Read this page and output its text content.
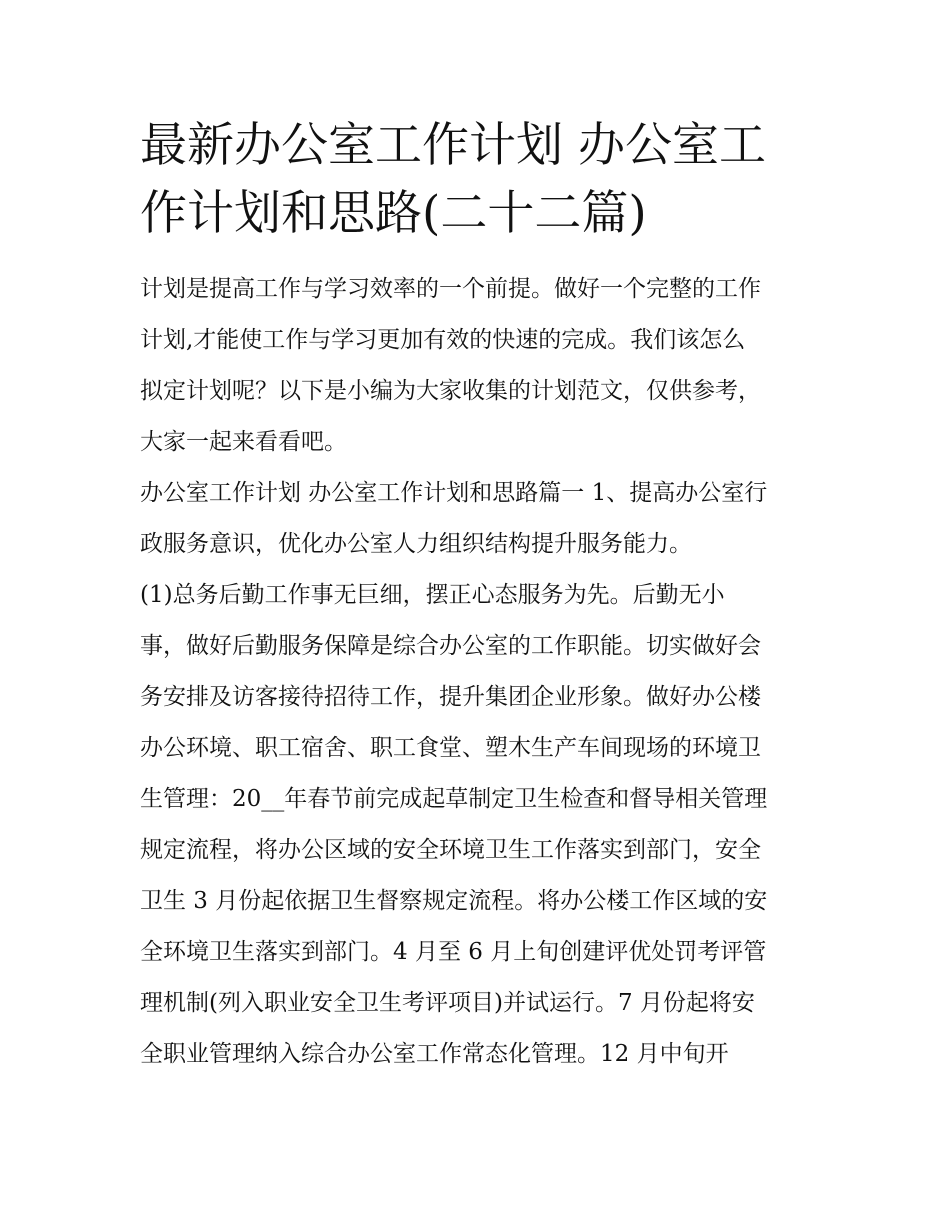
最新办公室工作计划 办公室工
作计划和思路(二十二篇)

计划是提高工作与学习效率的一个前提。做好一个完整的工作
计划,才能使工作与学习更加有效的快速的完成。我们该怎么
拟定计划呢？以下是小编为大家收集的计划范文，仅供参考，
大家一起来看看吧。

办公室工作计划 办公室工作计划和思路篇一 1、提高办公室行
政服务意识，优化办公室人力组织结构提升服务能力。

(1)总务后勤工作事无巨细，摆正心态服务为先。后勤无小
事，做好后勤服务保障是综合办公室的工作职能。切实做好会
务安排及访客接待招待工作，提升集团企业形象。做好办公楼
办公环境、职工宿舍、职工食堂、塑木生产车间现场的环境卫
生管理：20__年春节前完成起草制定卫生检查和督导相关管理
规定流程，将办公区域的安全环境卫生工作落实到部门，安全
卫生 3 月份起依据卫生督察规定流程。将办公楼工作区域的安
全环境卫生落实到部门。4 月至 6 月上旬创建评优处罚考评管
理机制(列入职业安全卫生考评项目)并试运行。7 月份起将安
全职业管理纳入综合办公室工作常态化管理。12 月中旬开
